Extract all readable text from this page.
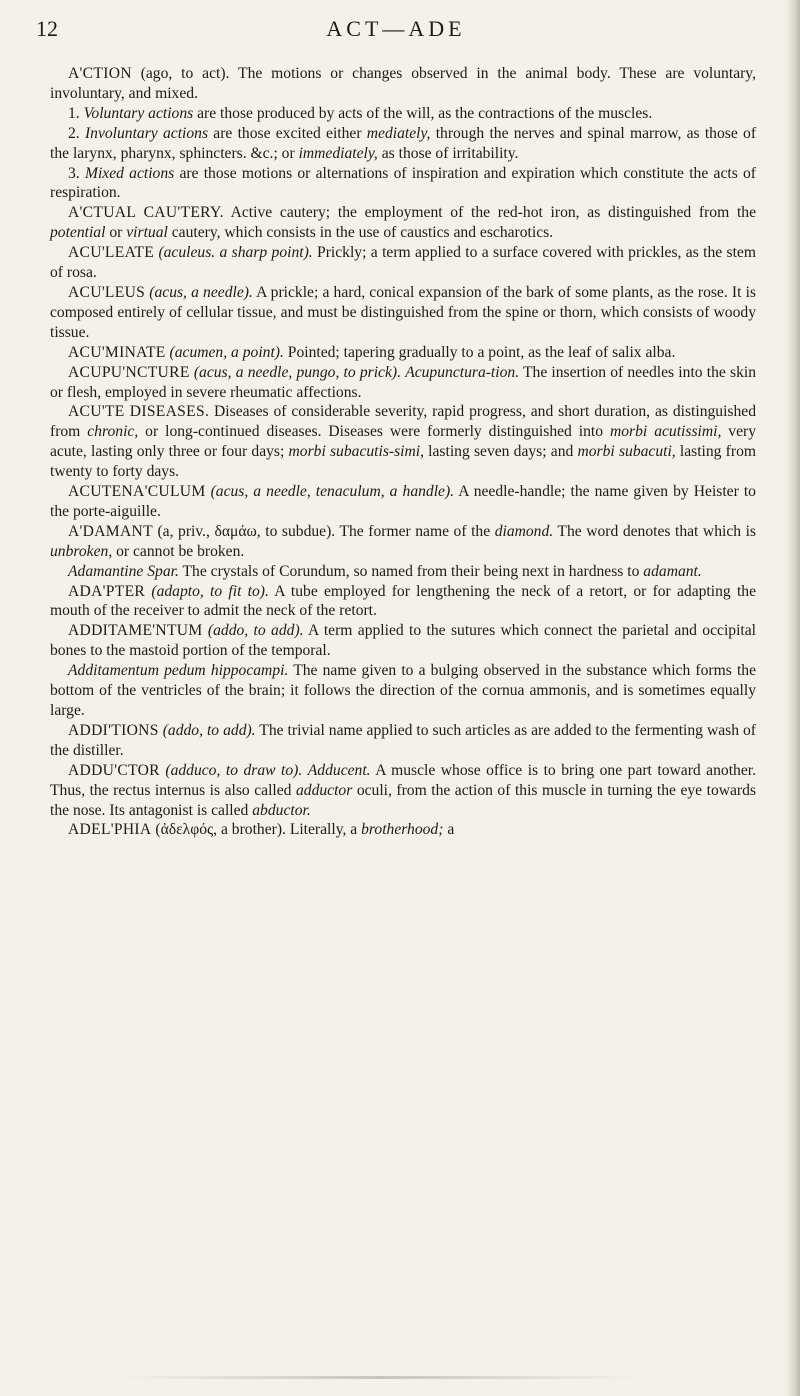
12	ACT—ADE

A'CTION (ago, to act). The motions or changes observed in the animal body. These are voluntary, involuntary, and mixed.

1. Voluntary actions are those produced by acts of the will, as the contractions of the muscles.

2. Involuntary actions are those excited either mediately, through the nerves and spinal marrow, as those of the larynx, pharynx, sphincters. &c.; or immediately, as those of irritability.

3. Mixed actions are those motions or alternations of inspiration and expiration which constitute the acts of respiration.

A'CTUAL CAU'TERY. Active cautery; the employment of the red-hot iron, as distinguished from the potential or virtual cautery, which consists in the use of caustics and escharotics.

ACU'LEATE (aculeus. a sharp point). Prickly; a term applied to a surface covered with prickles, as the stem of rosa.

ACU'LEUS (acus, a needle). A prickle; a hard, conical expansion of the bark of some plants, as the rose. It is composed entirely of cellular tissue, and must be distinguished from the spine or thorn, which consists of woody tissue.

ACU'MINATE (acumen, a point). Pointed; tapering gradually to a point, as the leaf of salix alba.

ACUPU'NCTURE (acus, a needle, pungo, to prick). Acupunctura-tion. The insertion of needles into the skin or flesh, employed in severe rheumatic affections.

ACU'TE DISEASES. Diseases of considerable severity, rapid progress, and short duration, as distinguished from chronic, or long-continued diseases. Diseases were formerly distinguished into morbi acutissimi, very acute, lasting only three or four days; morbi subacutis-simi, lasting seven days; and morbi subacuti, lasting from twenty to forty days.

ACUTENA'CULUM (acus, a needle, tenaculum, a handle). A needle-handle; the name given by Heister to the porte-aiguille.

A'DAMANT (a, priv., δαμάω, to subdue). The former name of the diamond. The word denotes that which is unbroken, or cannot be broken.

Adamantine Spar. The crystals of Corundum, so named from their being next in hardness to adamant.

ADA'PTER (adapto, to fit to). A tube employed for lengthening the neck of a retort, or for adapting the mouth of the receiver to admit the neck of the retort.

ADDITAME'NTUM (addo, to add). A term applied to the sutures which connect the parietal and occipital bones to the mastoid portion of the temporal.

Additamentum pedum hippocampi. The name given to a bulging observed in the substance which forms the bottom of the ventricles of the brain; it follows the direction of the cornua ammonis, and is sometimes equally large.

ADDI'TIONS (addo, to add). The trivial name applied to such articles as are added to the fermenting wash of the distiller.

ADDU'CTOR (adduco, to draw to). Adducent. A muscle whose office is to bring one part toward another. Thus, the rectus internus is also called adductor oculi, from the action of this muscle in turning the eye towards the nose. Its antagonist is called abductor.

ADEL'PHIA (ἀδελφός, a brother). Literally, a brotherhood; a
